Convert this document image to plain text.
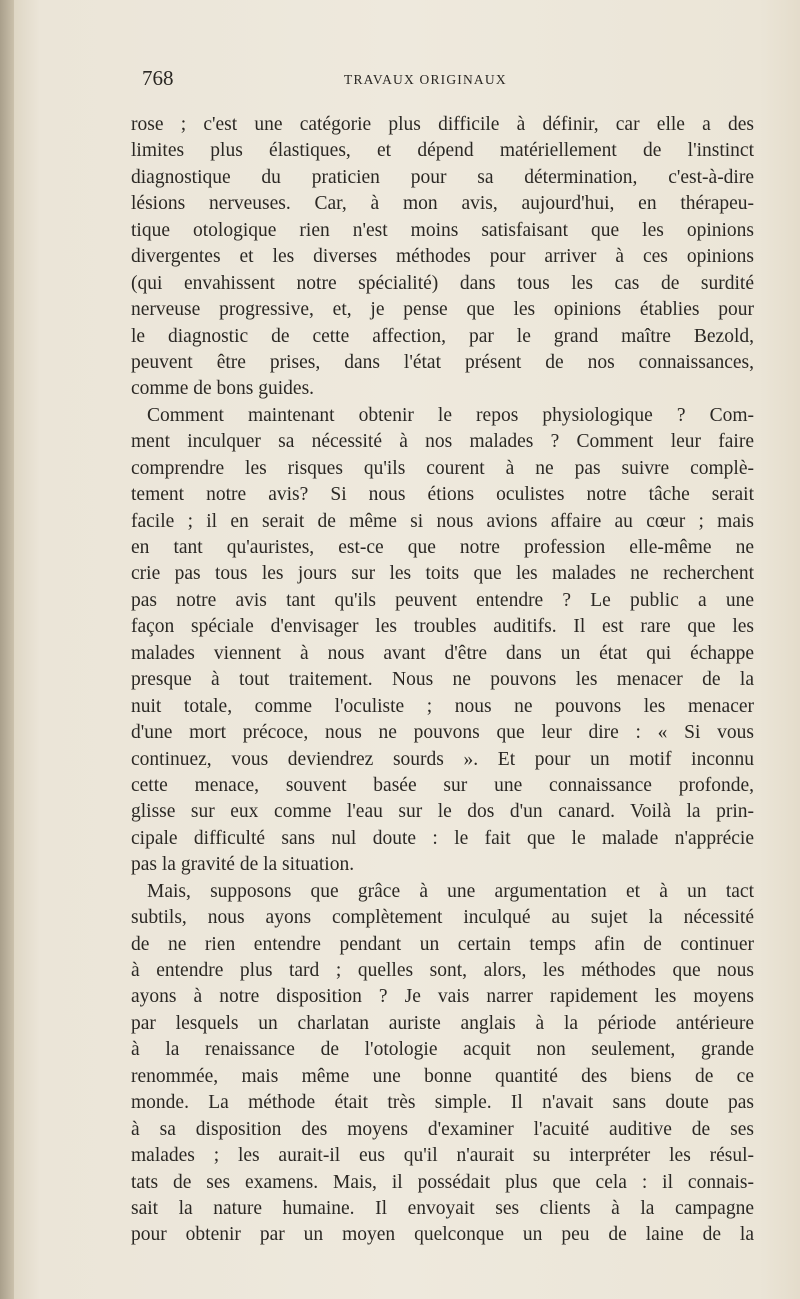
768	TRAVAUX ORIGINAUX
rose ; c'est une catégorie plus difficile à définir, car elle a des
limites plus élastiques, et dépend matériellement de l'instinct
diagnostique du praticien pour sa détermination, c'est-à-dire
lésions nerveuses. Car, à mon avis, aujourd'hui, en thérapeu-
tique otologique rien n'est moins satisfaisant que les opinions
divergentes et les diverses méthodes pour arriver à ces opinions
(qui envahissent notre spécialité) dans tous les cas de surdité
nerveuse progressive, et, je pense que les opinions établies pour
le diagnostic de cette affection, par le grand maître Bezold,
peuvent être prises, dans l'état présent de nos connaissances,
comme de bons guides.
Comment maintenant obtenir le repos physiologique ? Com-
ment inculquer sa nécessité à nos malades ? Comment leur faire
comprendre les risques qu'ils courent à ne pas suivre complè-
tement notre avis? Si nous étions oculistes notre tâche serait
facile ; il en serait de même si nous avions affaire au cœur ; mais
en tant qu'auristes, est-ce que notre profession elle-même ne
crie pas tous les jours sur les toits que les malades ne recherchent
pas notre avis tant qu'ils peuvent entendre ? Le public a une
façon spéciale d'envisager les troubles auditifs. Il est rare que les
malades viennent à nous avant d'être dans un état qui échappe
presque à tout traitement. Nous ne pouvons les menacer de la
nuit totale, comme l'oculiste ; nous ne pouvons les menacer
d'une mort précoce, nous ne pouvons que leur dire : « Si vous
continuez, vous deviendrez sourds ». Et pour un motif inconnu
cette menace, souvent basée sur une connaissance profonde,
glisse sur eux comme l'eau sur le dos d'un canard. Voilà la prin-
cipale difficulté sans nul doute : le fait que le malade n'apprécie
pas la gravité de la situation.
Mais, supposons que grâce à une argumentation et à un tact
subtils, nous ayons complètement inculqué au sujet la nécessité
de ne rien entendre pendant un certain temps afin de continuer
à entendre plus tard ; quelles sont, alors, les méthodes que nous
ayons à notre disposition ? Je vais narrer rapidement les moyens
par lesquels un charlatan auriste anglais à la période antérieure
à la renaissance de l'otologie acquit non seulement, grande
renommée, mais même une bonne quantité des biens de ce
monde. La méthode était très simple. Il n'avait sans doute pas
à sa disposition des moyens d'examiner l'acuité auditive de ses
malades ; les aurait-il eus qu'il n'aurait su interpréter les résul-
tats de ses examens. Mais, il possédait plus que cela : il connais-
sait la nature humaine. Il envoyait ses clients à la campagne
pour obtenir par un moyen quelconque un peu de laine de la
